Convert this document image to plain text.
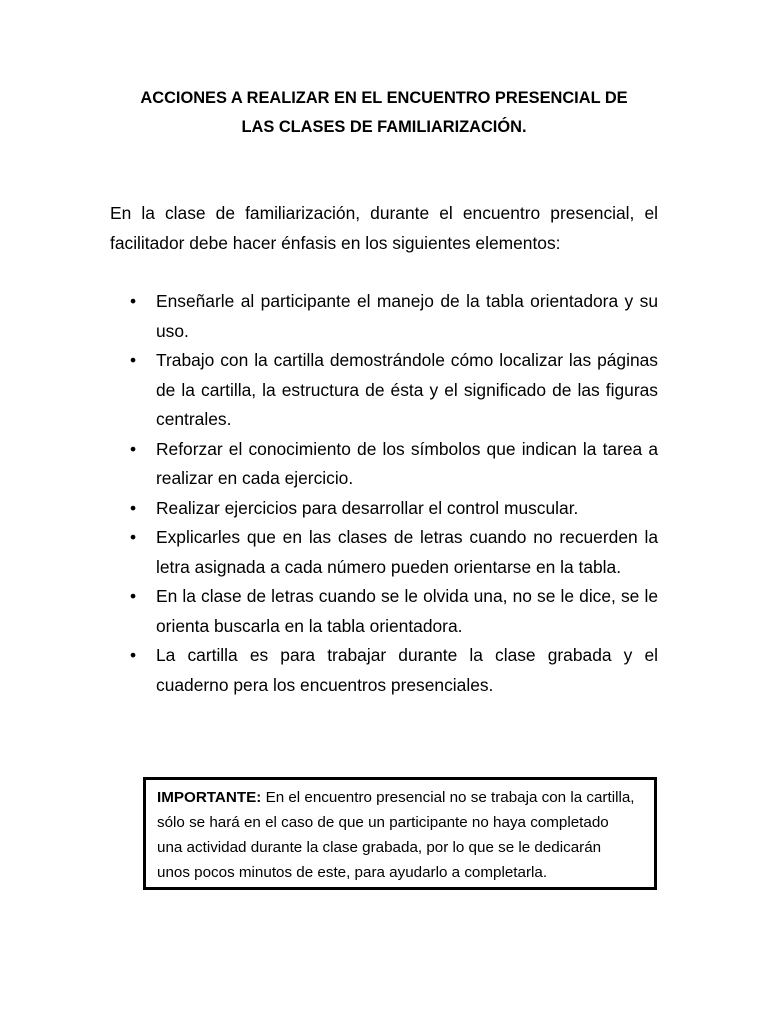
ACCIONES A REALIZAR EN EL ENCUENTRO PRESENCIAL DE
LAS CLASES DE FAMILIARIZACIÓN.

En la clase de familiarización, durante el encuentro presencial, el facilitador debe hacer énfasis en los siguientes elementos:

• Enseñarle al participante el manejo de la tabla orientadora y su uso.
• Trabajo con la cartilla demostrándole cómo localizar las páginas de la cartilla, la estructura de ésta y el significado de las figuras centrales.
• Reforzar el conocimiento de los símbolos que indican la tarea a realizar en cada ejercicio.
• Realizar ejercicios para desarrollar el control muscular.
• Explicarles que en las clases de letras cuando no recuerden la letra asignada a cada número pueden orientarse en la tabla.
• En la clase de letras cuando se le olvida una, no se le dice, se le orienta buscarla en la tabla orientadora.
• La cartilla es para trabajar durante la clase grabada y el cuaderno pera los encuentros presenciales.
IMPORTANTE: En el encuentro presencial no se trabaja con la cartilla,
sólo se hará en el caso de que un participante no haya completado
una actividad durante la clase grabada, por lo que se le dedicarán
unos pocos minutos de este, para ayudarlo a completarla.
